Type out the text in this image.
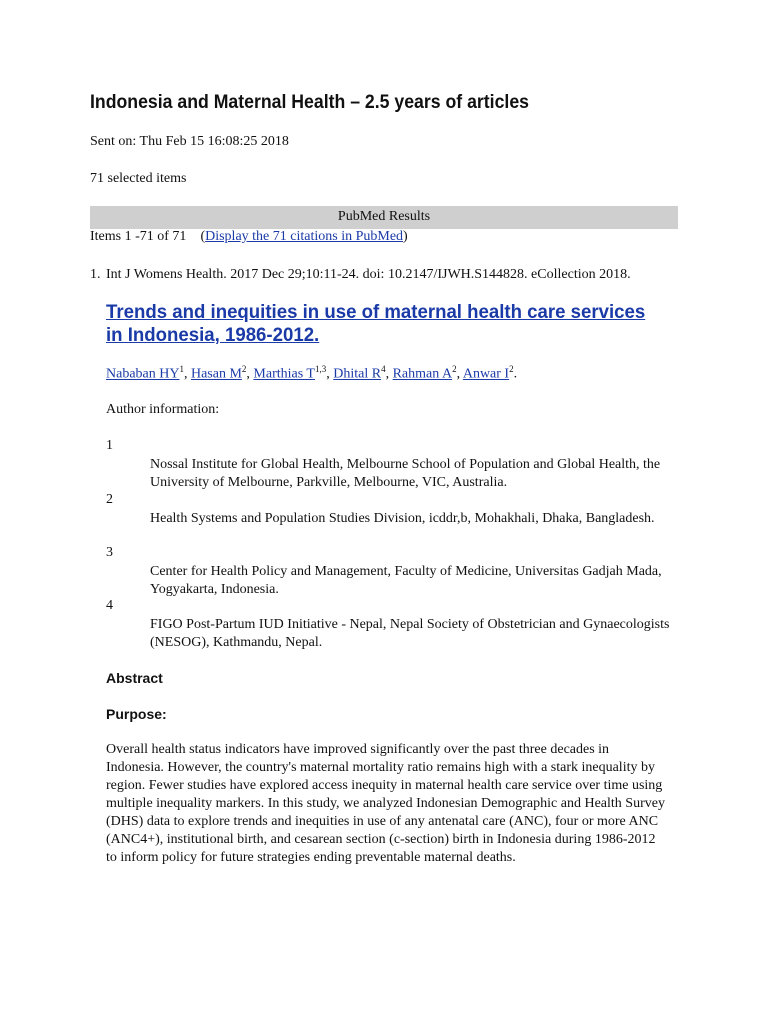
Indonesia and Maternal Health – 2.5 years of articles
Sent on: Thu Feb 15 16:08:25 2018
71 selected items
PubMed Results
Items 1 -71 of 71 (Display the 71 citations in PubMed)
1. Int J Womens Health. 2017 Dec 29;10:11-24. doi: 10.2147/IJWH.S144828. eCollection 2018.
Trends and inequities in use of maternal health care services in Indonesia, 1986-2012.
Nababan $HY^1$, Hasan $M^2$, Marthias T$^{1,3}$, Dhital $R^4$, Rahman $A^2$, Anwar $I^2$.
Author information:
1
Nossal Institute for Global Health, Melbourne School of Population and Global Health, the University of Melbourne, Parkville, Melbourne, VIC, Australia.
2
Health Systems and Population Studies Division, icddr,b, Mohakhali, Dhaka, Bangladesh.
3
Center for Health Policy and Management, Faculty of Medicine, Universitas Gadjah Mada, Yogyakarta, Indonesia.
4
FIGO Post-Partum IUD Initiative - Nepal, Nepal Society of Obstetrician and Gynaecologists (NESOG), Kathmandu, Nepal.
Abstract
Purpose:

Overall health status indicators have improved significantly over the past three decades in Indonesia. However, the country's maternal mortality ratio remains high with a stark inequality by region. Fewer studies have explored access inequity in maternal health care service over time using multiple inequality markers. In this study, we analyzed Indonesian Demographic and Health Survey (DHS) data to explore trends and inequities in use of any antenatal care (ANC), four or more ANC (ANC4+), institutional birth, and cesarean section (c-section) birth in Indonesia during 1986-2012 to inform policy for future strategies ending preventable maternal deaths.
